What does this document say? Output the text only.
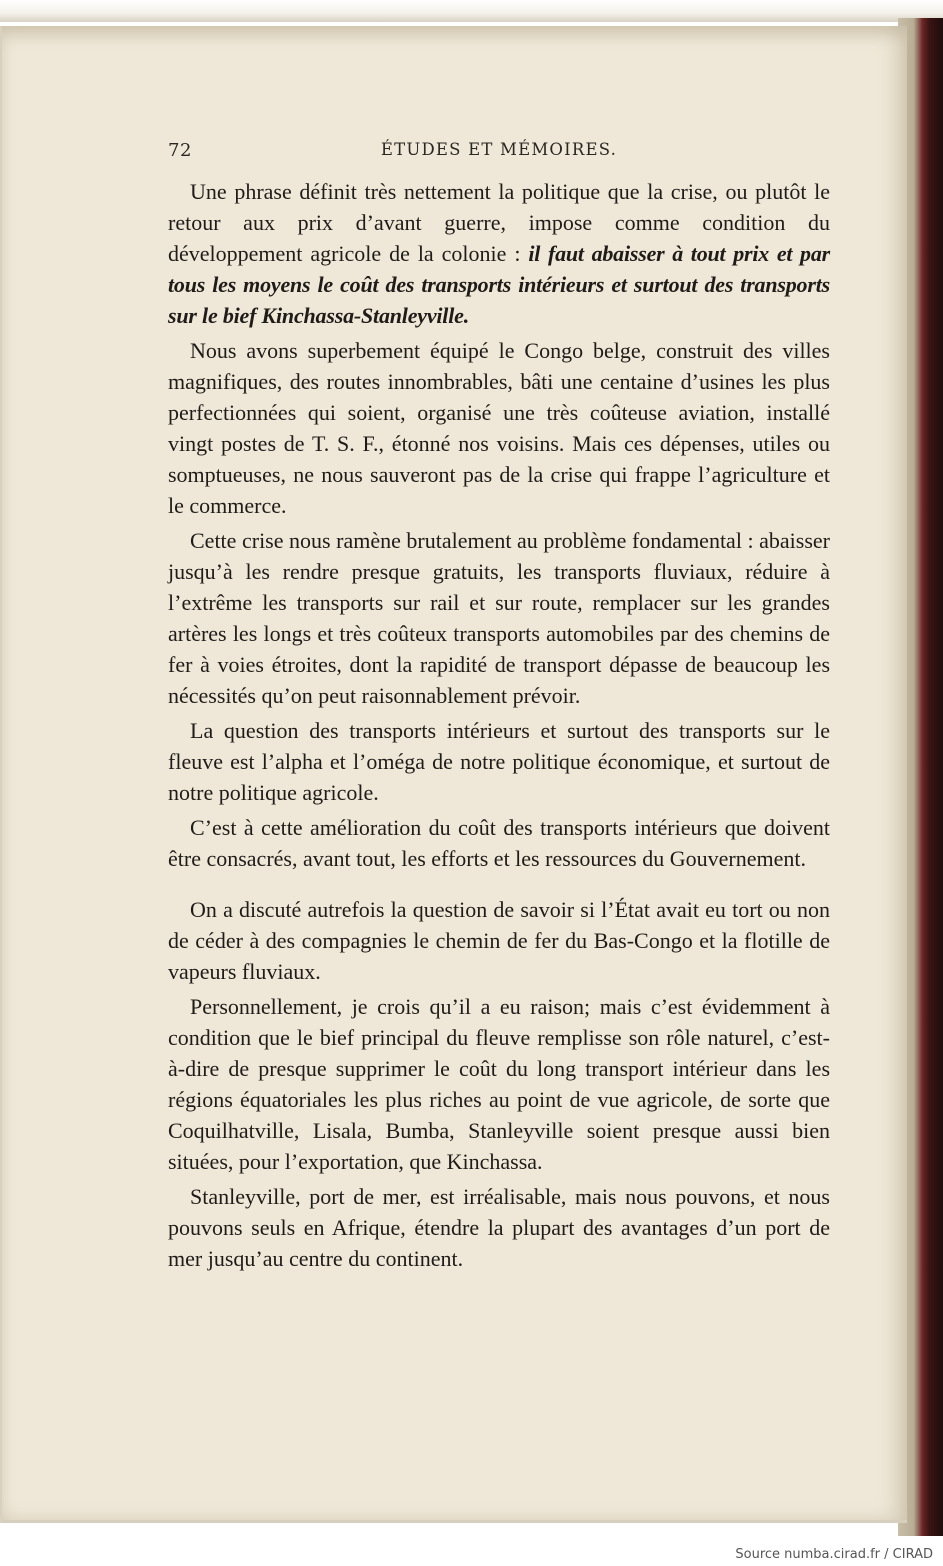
72	ÉTUDES ET MÉMOIRES.

Une phrase définit très nettement la politique que la crise, ou plutôt le retour aux prix d’avant guerre, impose comme condition du développement agricole de la colonie : il faut abaisser à tout prix et par tous les moyens le coût des transports intérieurs et surtout des transports sur le bief Kinchassa-Stanleyville.

Nous avons superbement équipé le Congo belge, construit des villes magnifiques, des routes innombrables, bâti une centaine d’usines les plus perfectionnées qui soient, organisé une très coûteuse aviation, installé vingt postes de T. S. F., étonné nos voisins. Mais ces dépenses, utiles ou somptueuses, ne nous sauveront pas de la crise qui frappe l’agriculture et le commerce.

Cette crise nous ramène brutalement au problème fondamental : abaisser jusqu’à les rendre presque gratuits, les transports fluviaux, réduire à l’extrême les transports sur rail et sur route, remplacer sur les grandes artères les longs et très coûteux transports automobiles par des chemins de fer à voies étroites, dont la rapidité de transport dépasse de beaucoup les nécessités qu’on peut raisonnablement prévoir.

La question des transports intérieurs et surtout des transports sur le fleuve est l’alpha et l’oméga de notre politique économique, et surtout de notre politique agricole.

C’est à cette amélioration du coût des transports intérieurs que doivent être consacrés, avant tout, les efforts et les ressources du Gouvernement.

On a discuté autrefois la question de savoir si l’État avait eu tort ou non de céder à des compagnies le chemin de fer du Bas-Congo et la flotille de vapeurs fluviaux.

Personnellement, je crois qu’il a eu raison; mais c’est évidemment à condition que le bief principal du fleuve remplisse son rôle naturel, c’est-à-dire de presque supprimer le coût du long transport intérieur dans les régions équatoriales les plus riches au point de vue agricole, de sorte que Coquilhatville, Lisala, Bumba, Stanleyville soient presque aussi bien situées, pour l’exportation, que Kinchassa.

Stanleyville, port de mer, est irréalisable, mais nous pouvons, et nous pouvons seuls en Afrique, étendre la plupart des avantages d’un port de mer jusqu’au centre du continent.

Source numba.cirad.fr / CIRAD
